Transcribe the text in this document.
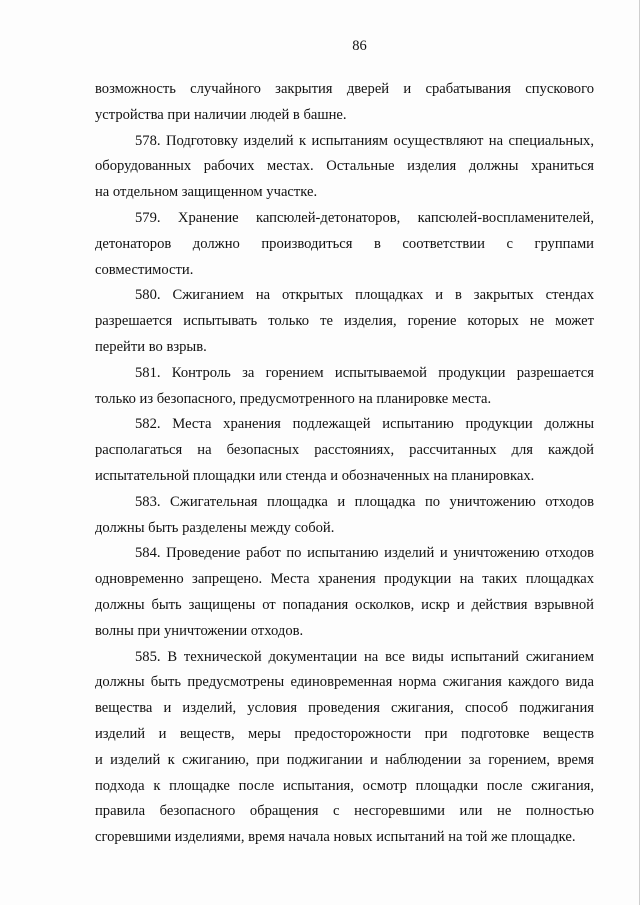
86
возможность случайного закрытия дверей и срабатывания спускового
устройства при наличии людей в башне.
578. Подготовку изделий к испытаниям осуществляют на специальных,
оборудованных рабочих местах. Остальные изделия должны храниться
на отдельном защищенном участке.
579. Хранение капсюлей-детонаторов, капсюлей-воспламенителей,
детонаторов должно производиться в соответствии с группами
совместимости.
580. Сжиганием на открытых площадках и в закрытых стендах
разрешается испытывать только те изделия, горение которых не может
перейти во взрыв.
581. Контроль за горением испытываемой продукции разрешается
только из безопасного, предусмотренного на планировке места.
582. Места хранения подлежащей испытанию продукции должны
располагаться на безопасных расстояниях, рассчитанных для каждой
испытательной площадки или стенда и обозначенных на планировках.
583. Сжигательная площадка и площадка по уничтожению отходов
должны быть разделены между собой.
584. Проведение работ по испытанию изделий и уничтожению отходов
одновременно запрещено. Места хранения продукции на таких площадках
должны быть защищены от попадания осколков, искр и действия взрывной
волны при уничтожении отходов.
585. В технической документации на все виды испытаний сжиганием
должны быть предусмотрены единовременная норма сжигания каждого вида
вещества и изделий, условия проведения сжигания, способ поджигания
изделий и веществ, меры предосторожности при подготовке веществ
и изделий к сжиганию, при поджигании и наблюдении за горением, время
подхода к площадке после испытания, осмотр площадки после сжигания,
правила безопасного обращения с несгоревшими или не полностью
сгоревшими изделиями, время начала новых испытаний на той же площадке.
